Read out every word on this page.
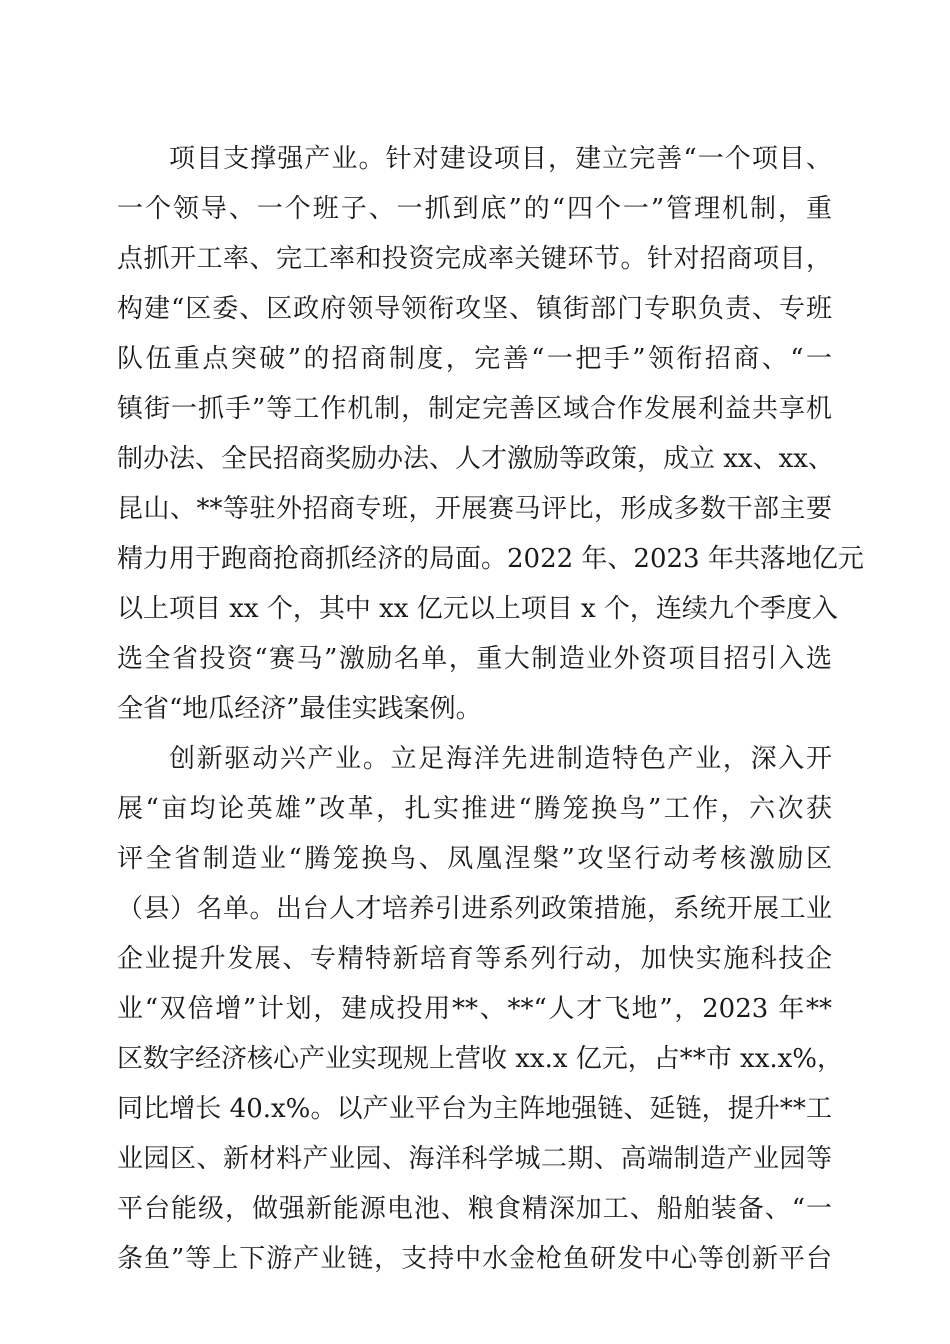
项目支撑强产业。针对建设项目，建立完善“一个项目、
一个领导、一个班子、一抓到底”的“四个一”管理机制，重
点抓开工率、完工率和投资完成率关键环节。针对招商项目，
构建“区委、区政府领导领衔攻坚、镇街部门专职负责、专班
队伍重点突破”的招商制度，完善“一把手”领衔招商、“一
镇街一抓手”等工作机制，制定完善区域合作发展利益共享机
制办法、全民招商奖励办法、人才激励等政策，成立 xx、xx、
昆山、**等驻外招商专班，开展赛马评比，形成多数干部主要
精力用于跑商抢商抓经济的局面。2022 年、2023 年共落地亿元
以上项目 xx 个，其中 xx 亿元以上项目 x 个，连续九个季度入
选全省投资“赛马”激励名单，重大制造业外资项目招引入选
全省“地瓜经济”最佳实践案例。
创新驱动兴产业。立足海洋先进制造特色产业，深入开
展“亩均论英雄”改革，扎实推进“腾笼换鸟”工作，六次获
评全省制造业“腾笼换鸟、凤凰涅槃”攻坚行动考核激励区
（县）名单。出台人才培养引进系列政策措施，系统开展工业
企业提升发展、专精特新培育等系列行动，加快实施科技企
业“双倍增”计划，建成投用**、**“人才飞地”，2023 年**
区数字经济核心产业实现规上营收 xx.x 亿元，占**市 xx.x%，
同比增长 40.x%。以产业平台为主阵地强链、延链，提升**工
业园区、新材料产业园、海洋科学城二期、高端制造产业园等
平台能级，做强新能源电池、粮食精深加工、船舶装备、“一
条鱼”等上下游产业链，支持中水金枪鱼研发中心等创新平台
